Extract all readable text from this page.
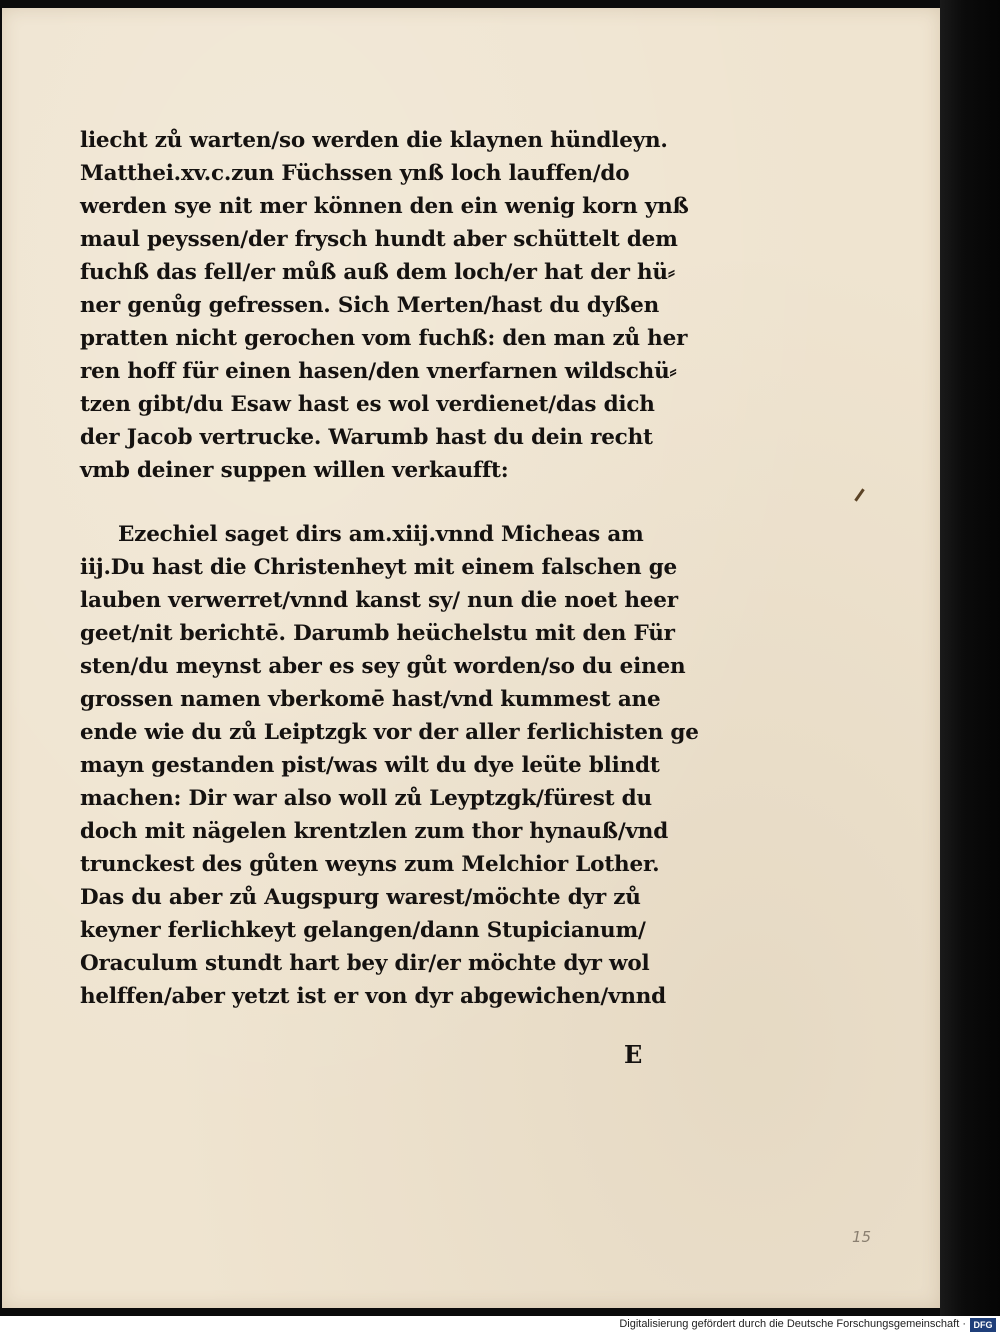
liecht zů warten/so werden die klaynen hündleyn.
Matthei.xv.c.zun Füchssen ynß loch lauffen/do
werden sye nit mer können den ein wenig korn ynß
maul peyssen/der frysch hundt aber schüttelt dem
fuchß das fell/er můß auß dem loch/er hat der hü⸗
ner genůg gefressen. Sich Merten/hast du dyßen
pratten nicht gerochen vom fuchß: den man zů her
ren hoff für einen hasen/den vnerfarnen wildschü⸗
tzen gibt/du Esaw hast es wol verdienet/das dich
der Jacob vertrucke. Warumb hast du dein recht
vmb deiner suppen willen verkaufft:
Ezechiel saget dirs am.xiij.vnnd Micheas am
iij.Du hast die Christenheyt mit einem falschen ge
lauben verwerret/vnnd kanst sy/ nun die noet heer
geet/nit berichtē. Darumb heüchelstu mit den Für
sten/du meynst aber es sey gůt worden/so du einen
grossen namen vberkomē hast/vnd kummest ane
ende wie du zů Leiptzgk vor der aller ferlichisten ge
mayn gestanden pist/was wilt du dye leüte blindt
machen: Dir war also woll zů Leyptzgk/fürest du
doch mit nägelen krentzlen zum thor hynauß/vnd
trunckest des gůten weyns zum Melchior Lother.
Das du aber zů Augspurg warest/möchte dyr zů
keyner ferlichkeyt gelangen/dann Stupicianum/
Oraculum stundt hart bey dir/er möchte dyr wol
helffen/aber yetzt ist er von dyr abgewichen/vnnd
E
15
Digitalisierung gefördert durch die Deutsche Forschungsgemeinschaft · DFG
